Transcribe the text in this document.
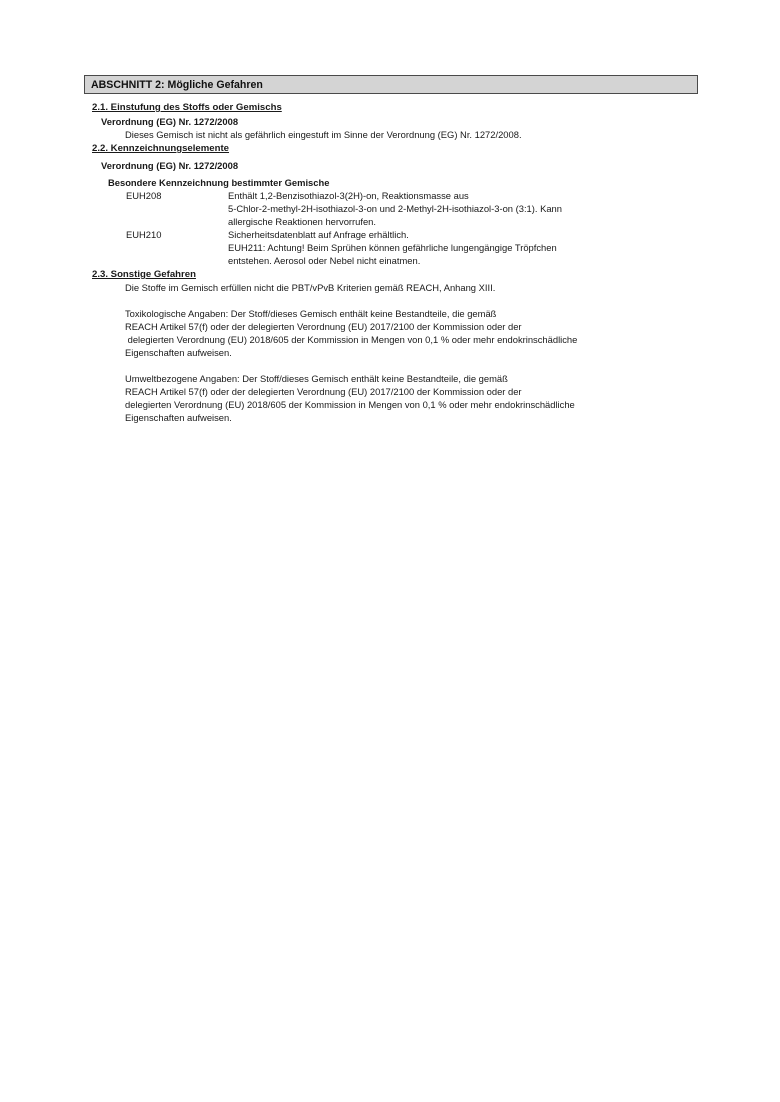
ABSCHNITT 2: Mögliche Gefahren
2.1. Einstufung des Stoffs oder Gemischs
Verordnung (EG) Nr. 1272/2008
Dieses Gemisch ist nicht als gefährlich eingestuft im Sinne der Verordnung (EG) Nr. 1272/2008.
2.2. Kennzeichnungselemente
Verordnung (EG) Nr. 1272/2008
Besondere Kennzeichnung bestimmter Gemische
EUH208	Enthält 1,2-Benzisothiazol-3(2H)-on, Reaktionsmasse aus
5-Chlor-2-methyl-2H-isothiazol-3-on und 2-Methyl-2H-isothiazol-3-on (3:1). Kann
allergische Reaktionen hervorrufen.
EUH210	Sicherheitsdatenblatt auf Anfrage erhältlich.
EUH211: Achtung! Beim Sprühen können gefährliche lungengängige Tröpfchen
entstehen. Aerosol oder Nebel nicht einatmen.
2.3. Sonstige Gefahren
Die Stoffe im Gemisch erfüllen nicht die PBT/vPvB Kriterien gemäß REACH, Anhang XIII.
Toxikologische Angaben: Der Stoff/dieses Gemisch enthält keine Bestandteile, die gemäß
REACH Artikel 57(f) oder der delegierten Verordnung (EU) 2017/2100 der Kommission oder der
delegierten Verordnung (EU) 2018/605 der Kommission in Mengen von 0,1 % oder mehr endokrinschädliche
Eigenschaften aufweisen.
Umweltbezogene Angaben: Der Stoff/dieses Gemisch enthält keine Bestandteile, die gemäß
REACH Artikel 57(f) oder der delegierten Verordnung (EU) 2017/2100 der Kommission oder der
delegierten Verordnung (EU) 2018/605 der Kommission in Mengen von 0,1 % oder mehr endokrinschädliche
Eigenschaften aufweisen.
